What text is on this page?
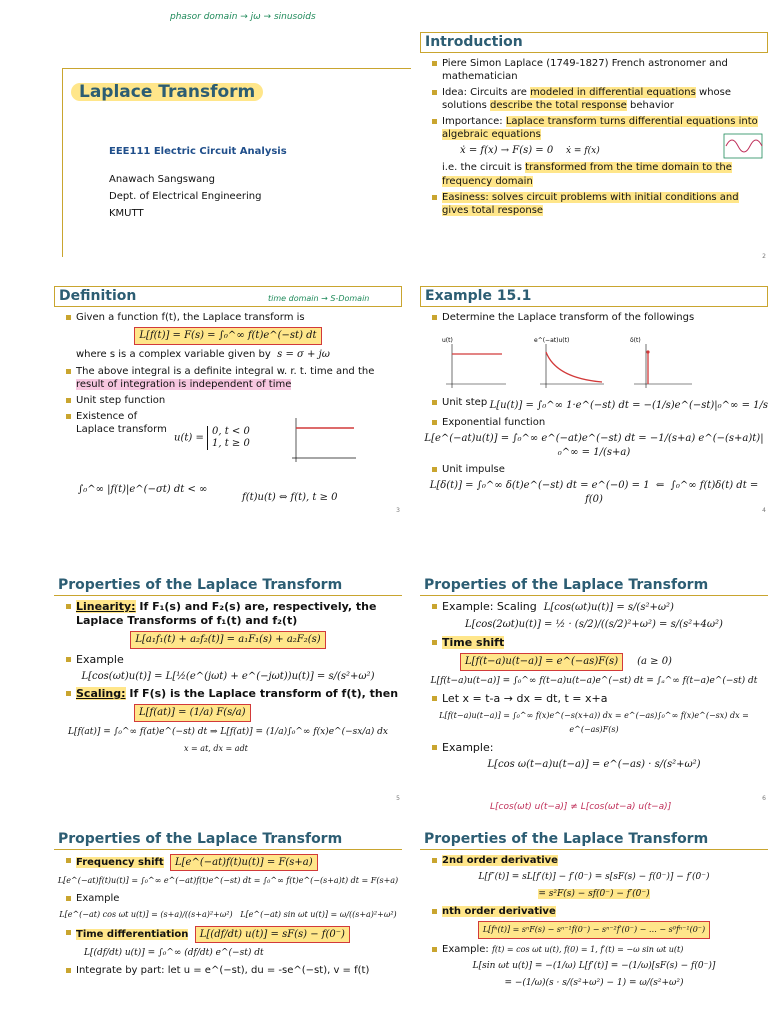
phasor domain → jω → sinusoids
Laplace Transform
EEE111 Electric Circuit Analysis
Anawach Sangswang
Dept. of Electrical Engineering
KMUTT
Introduction
Piere Simon Laplace (1749-1827) French astronomer and mathematician
Idea: Circuits are modeled in differential equations whose solutions describe the total response behavior
Importance: Laplace transform turns differential equations into algebraic equations
ẋ = f(x) → F(s) = 0 ẋ = f(x)
i.e. the circuit is transformed from the time domain to the frequency domain
Easiness: solves circuit problems with initial conditions and gives total response
2
Definition	time domain → S-Domain
Given a function f(t), the Laplace transform is
L[f(t)] = F(s) = ∫₀^∞ f(t)e^(−st) dt
where s is a complex variable given by s = σ + jω
The above integral is a definite integral w. r. t. time and the result of integration is independent of time
Unit step function
Existence of Laplace transform
u(t) = 0, t < 0
1, t ≥ 0
∫₀^∞ |f(t)|e^(−σt) dt < ∞
f(t)u(t) ⇔ f(t), t ≥ 0
3
Example 15.1
Determine the Laplace transform of the followings
u(t)	e^(−at)u(t)	δ(t)
Unit step L[u(t)] = ∫₀^∞ 1·e^(−st) dt = −(1/s)e^(−st)|₀^∞ = 1/s
Exponential function
L[e^(−at)u(t)] = ∫₀^∞ e^(−at)e^(−st) dt = −1/(s+a) e^(−(s+a)t)|₀^∞ = 1/(s+a)
Unit impulse
L[δ(t)] = ∫₀^∞ δ(t)e^(−st) dt = e^(−0) = 1  ⇐  ∫₀^∞ f(t)δ(t) dt = f(0)
4
Properties of the Laplace Transform
Linearity: If F₁(s) and F₂(s) are, respectively, the Laplace Transforms of f₁(t) and f₂(t)
L[a₁f₁(t) + a₂f₂(t)] = a₁F₁(s) + a₂F₂(s)
Example
L[cos(ωt)u(t)] = L[½(e^(jωt) + e^(−jωt))u(t)] = s/(s²+ω²)
Scaling: If F(s) is the Laplace transform of f(t), then
L[f(at)] = (1/a) F(s/a)
L[f(at)] = ∫₀^∞ f(at)e^(−st) dt ⇒ L[f(at)] = (1/a)∫₀^∞ f(x)e^(−sx/a) dx
x = at, dx = adt
5
Properties of the Laplace Transform
Example: Scaling L[cos(ωt)u(t)] = s/(s²+ω²)
L[cos(2ωt)u(t)] = ½ · (s/2)/((s/2)²+ω²) = s/(s²+4ω²)
Time shift
L[f(t−a)u(t−a)] = e^(−as)F(s) (a ≥ 0)
L[f(t−a)u(t−a)] = ∫₀^∞ f(t−a)u(t−a)e^(−st) dt = ∫ₐ^∞ f(t−a)e^(−st) dt
Let x = t-a → dx = dt, t = x+a
L[f(t−a)u(t−a)] = ∫₀^∞ f(x)e^(−s(x+a)) dx = e^(−as)∫₀^∞ f(x)e^(−sx) dx = e^(−as)F(s)
Example:
L[cos ω(t−a)u(t−a)] = e^(−as) · s/(s²+ω²)
6
L[cos(ωt) u(t−a)] ≠ L[cos(ωt−a) u(t−a)]
Properties of the Laplace Transform
Frequency shift L[e^(−at)f(t)u(t)] = F(s+a)
L[e^(−at)f(t)u(t)] = ∫₀^∞ e^(−at)f(t)e^(−st) dt = ∫₀^∞ f(t)e^(−(s+a)t) dt = F(s+a)
Example
L[e^(−at) cos ωt u(t)] = (s+a)/((s+a)²+ω²) L[e^(−at) sin ωt u(t)] = ω/((s+a)²+ω²)
Time differentiation L[(df/dt) u(t)] = sF(s) − f(0⁻)
L[(df/dt) u(t)] = ∫₀^∞ (df/dt) e^(−st) dt
Integrate by part: let u = e^(−st), du = -se^(−st), v = f(t)
Properties of the Laplace Transform
2nd order derivative
L[f″(t)] = sL[f′(t)] − f′(0⁻) = s[sF(s) − f(0⁻)] − f′(0⁻)
= s²F(s) − sf(0⁻) − f′(0⁻)
nth order derivative
L[fⁿ(t)] = sⁿF(s) − sⁿ⁻¹f(0⁻) − sⁿ⁻²f′(0⁻) − … − s⁰fⁿ⁻¹(0⁻)
Example: f(t) = cos ωt u(t), f(0) = 1, f′(t) = −ω sin ωt u(t)
L[sin ωt u(t)] = −(1/ω) L[f′(t)] = −(1/ω)[sF(s) − f(0⁻)]
= −(1/ω)(s · s/(s²+ω²) − 1) = ω/(s²+ω²)
